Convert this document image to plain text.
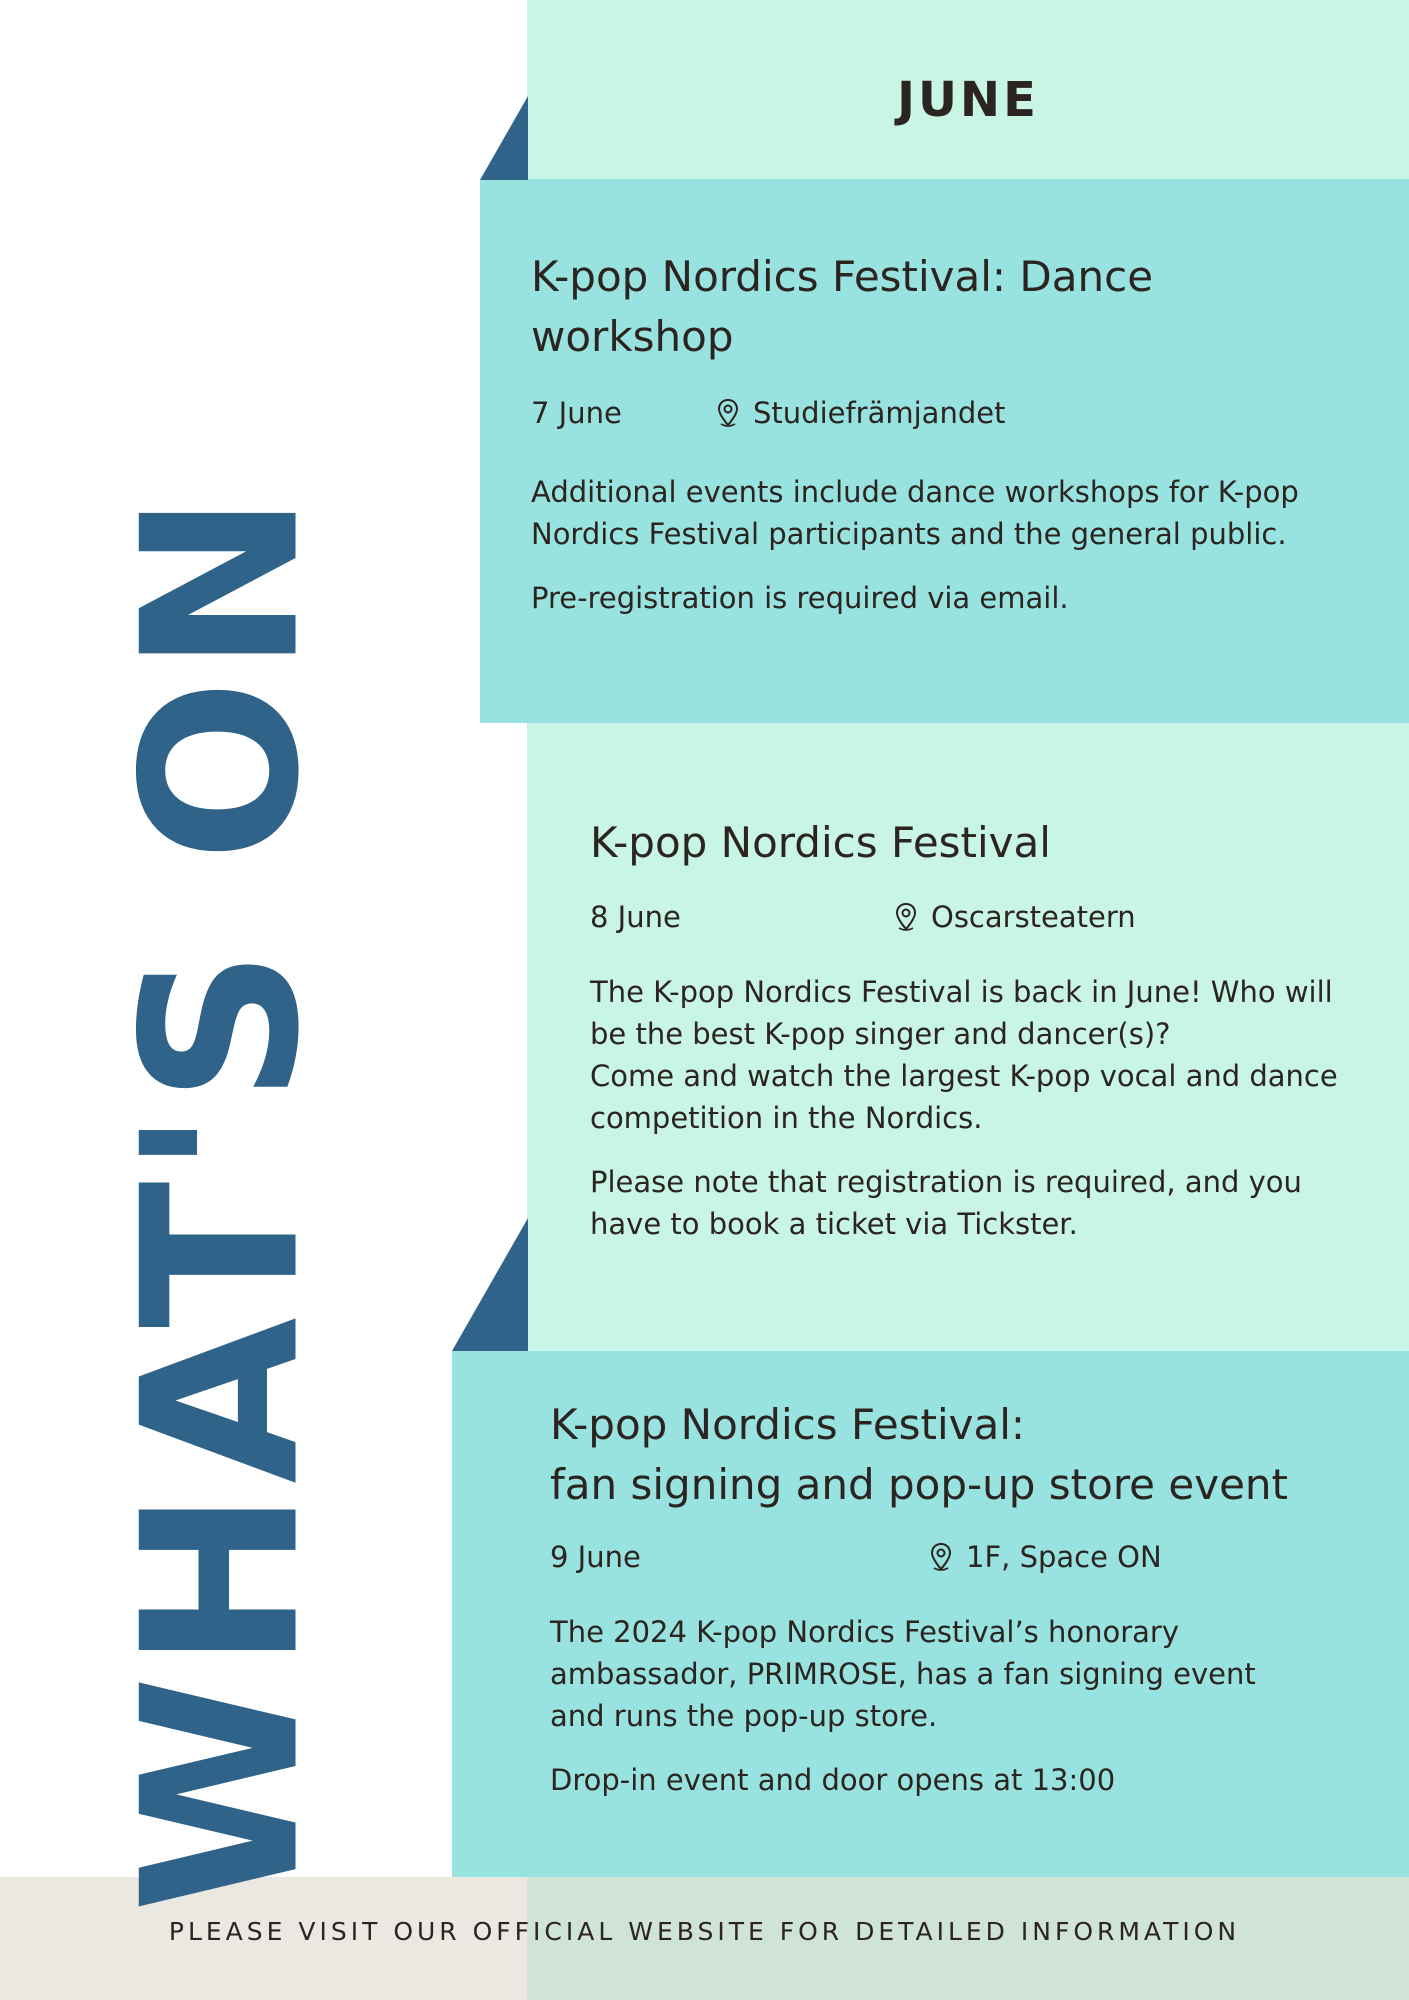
WHAT'S ON
JUNE
K-pop Nordics Festival: Dance
workshop
7 June	Studiefrämjandet
Additional events include dance workshops for K-pop
Nordics Festival participants and the general public.
Pre-registration is required via email.
K-pop Nordics Festival
8 June	Oscarsteatern
The K-pop Nordics Festival is back in June! Who will
be the best K-pop singer and dancer(s)?
Come and watch the largest K-pop vocal and dance
competition in the Nordics.
Please note that registration is required, and you
have to book a ticket via Tickster.
K-pop Nordics Festival:
fan signing and pop-up store event
9 June	1F, Space ON
The 2024 K-pop Nordics Festival’s honorary
ambassador, PRIMROSE, has a fan signing event
and runs the pop-up store.
Drop-in event and door opens at 13:00
PLEASE VISIT OUR OFFICIAL WEBSITE FOR DETAILED INFORMATION
